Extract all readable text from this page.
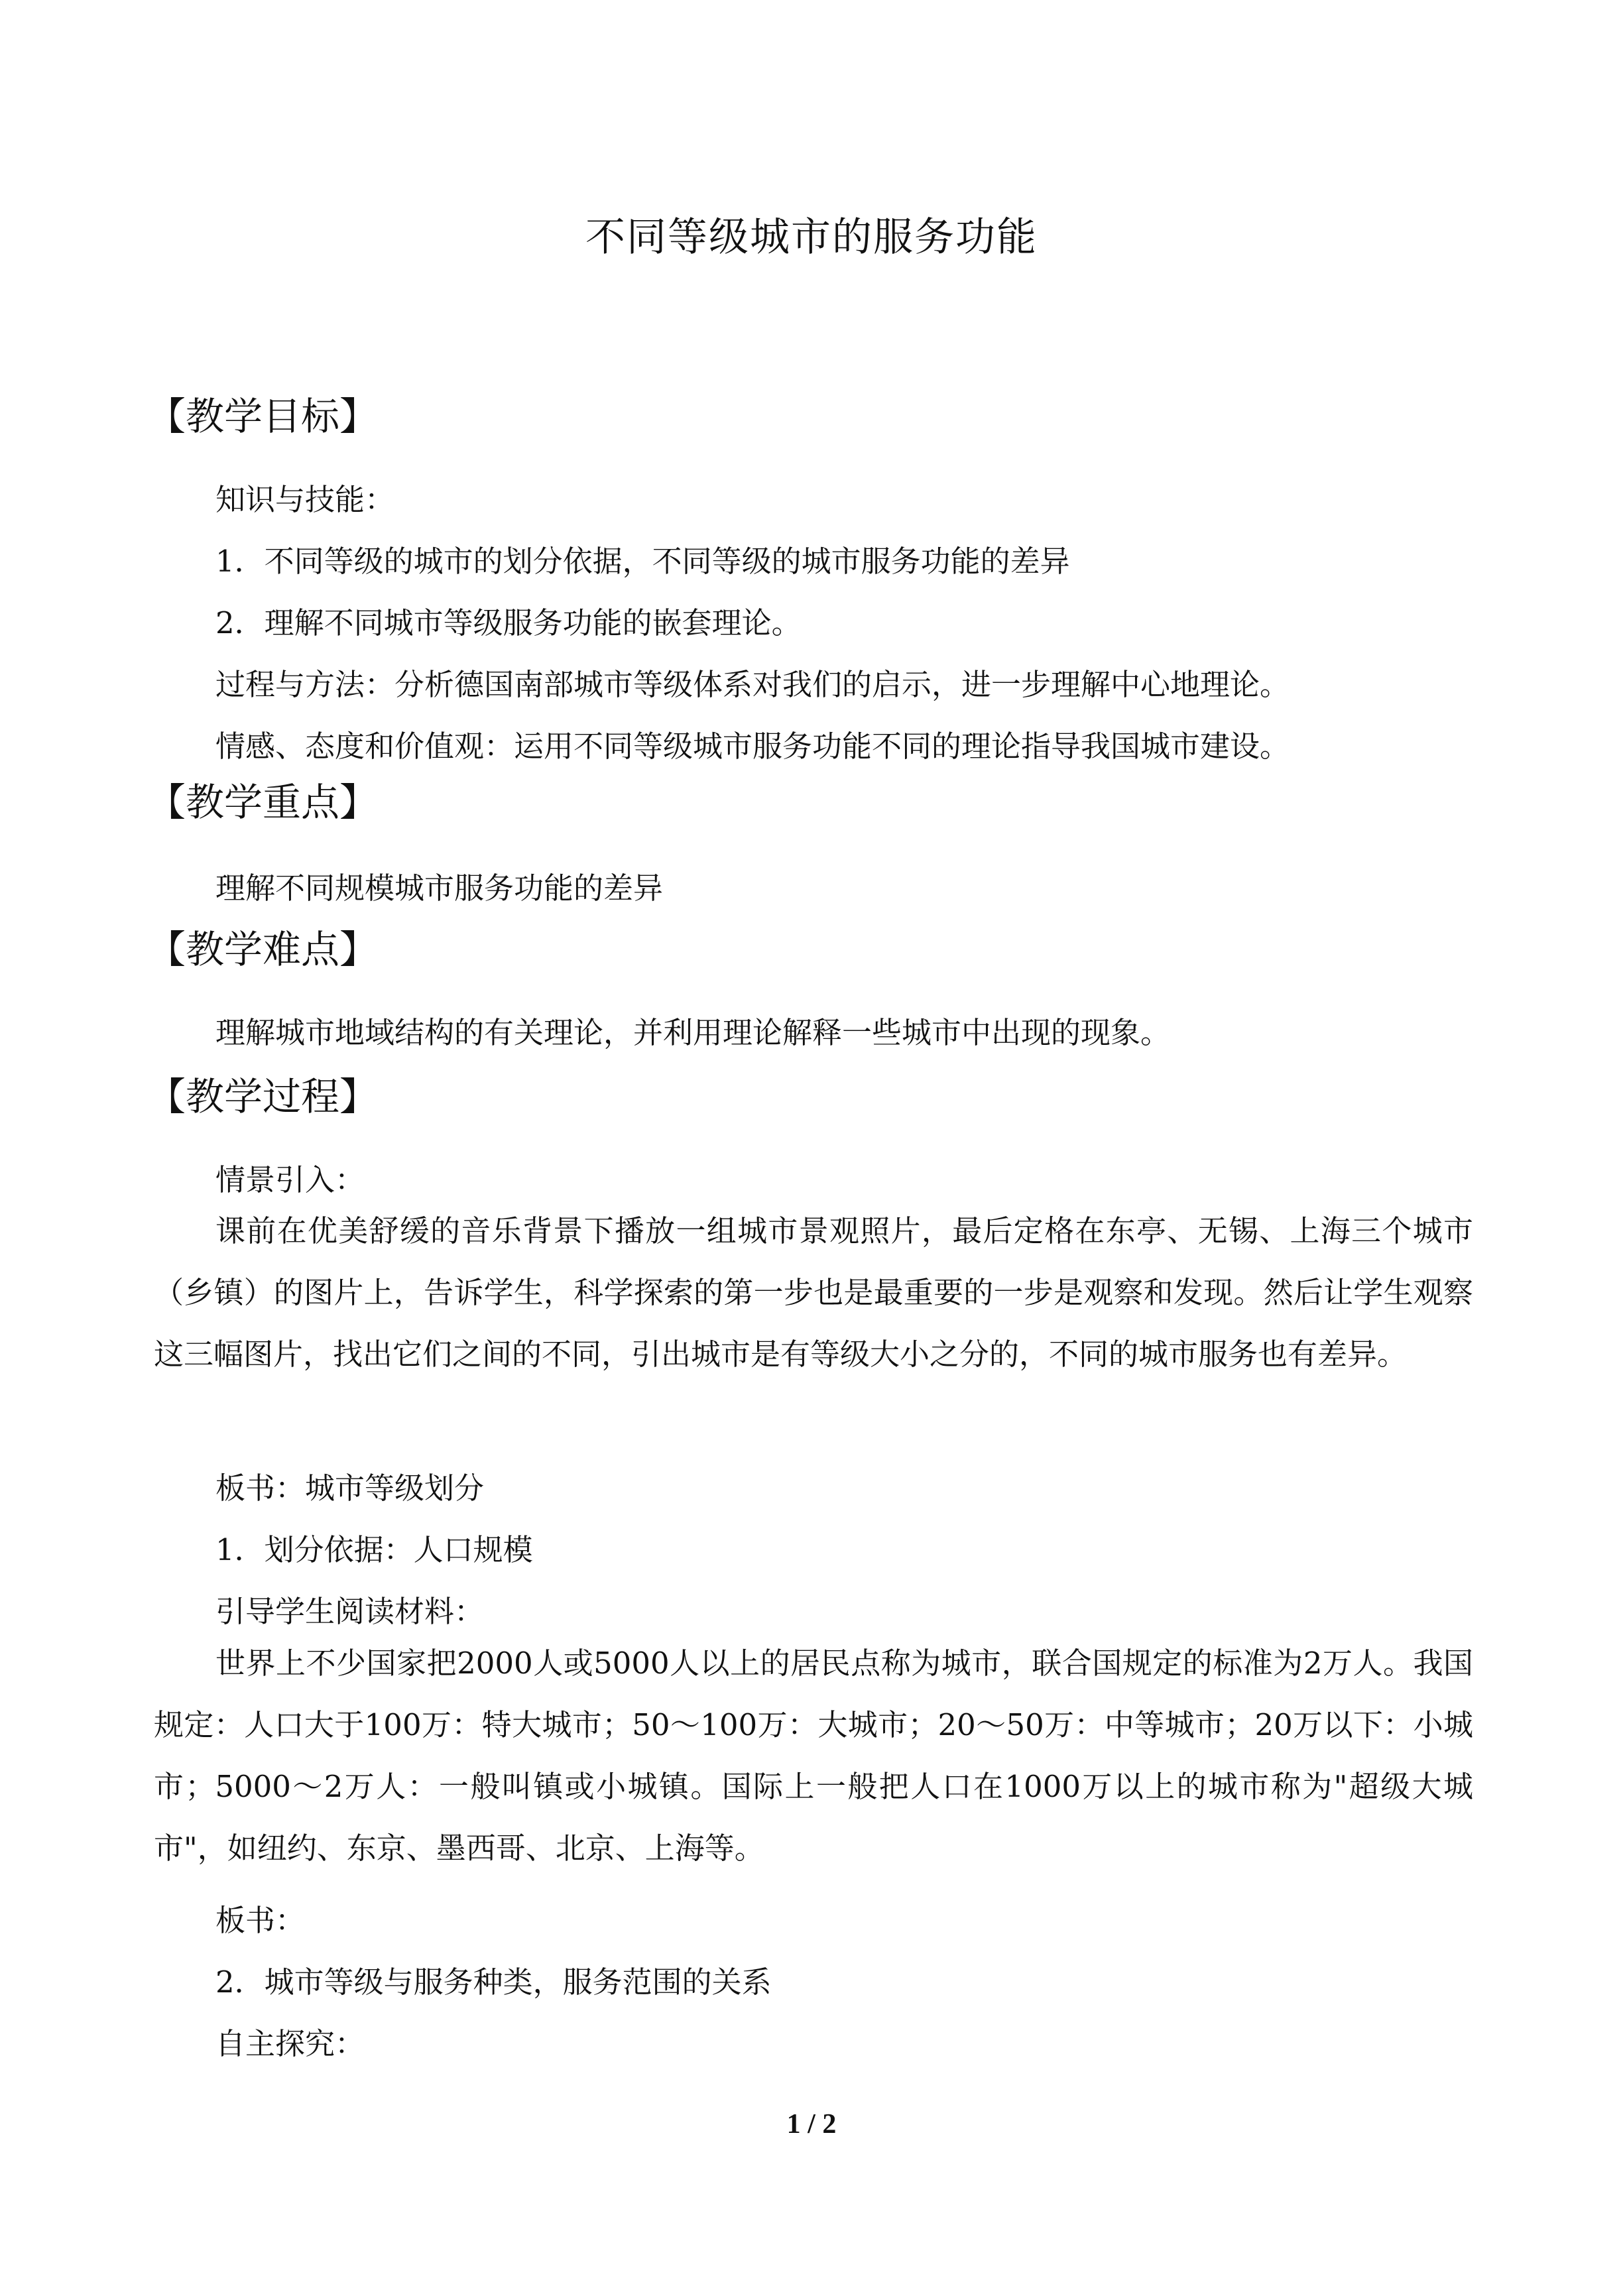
不同等级城市的服务功能
【教学目标】
知识与技能：
1．不同等级的城市的划分依据，不同等级的城市服务功能的差异
2．理解不同城市等级服务功能的嵌套理论。
过程与方法：分析德国南部城市等级体系对我们的启示，进一步理解中心地理论。
情感、态度和价值观：运用不同等级城市服务功能不同的理论指导我国城市建设。
【教学重点】
理解不同规模城市服务功能的差异
【教学难点】
理解城市地域结构的有关理论，并利用理论解释一些城市中出现的现象。
【教学过程】
情景引入：

课前在优美舒缓的音乐背景下播放一组城市景观照片，最后定格在东亭、无锡、上海三个城市（乡镇）的图片上，告诉学生，科学探索的第一步也是最重要的一步是观察和发现。然后让学生观察这三幅图片，找出它们之间的不同，引出城市是有等级大小之分的，不同的城市服务也有差异。

板书：城市等级划分
1．划分依据：人口规模
引导学生阅读材料：

世界上不少国家把2000人或5000人以上的居民点称为城市，联合国规定的标准为2万人。我国规定：人口大于100万：特大城市；50～100万：大城市；20～50万：中等城市；20万以下：小城市；5000～2万人：一般叫镇或小城镇。国际上一般把人口在1000万以上的城市称为"超级大城市"，如纽约、东京、墨西哥、北京、上海等。

板书：
2．城市等级与服务种类，服务范围的关系
自主探究：
1 / 2
